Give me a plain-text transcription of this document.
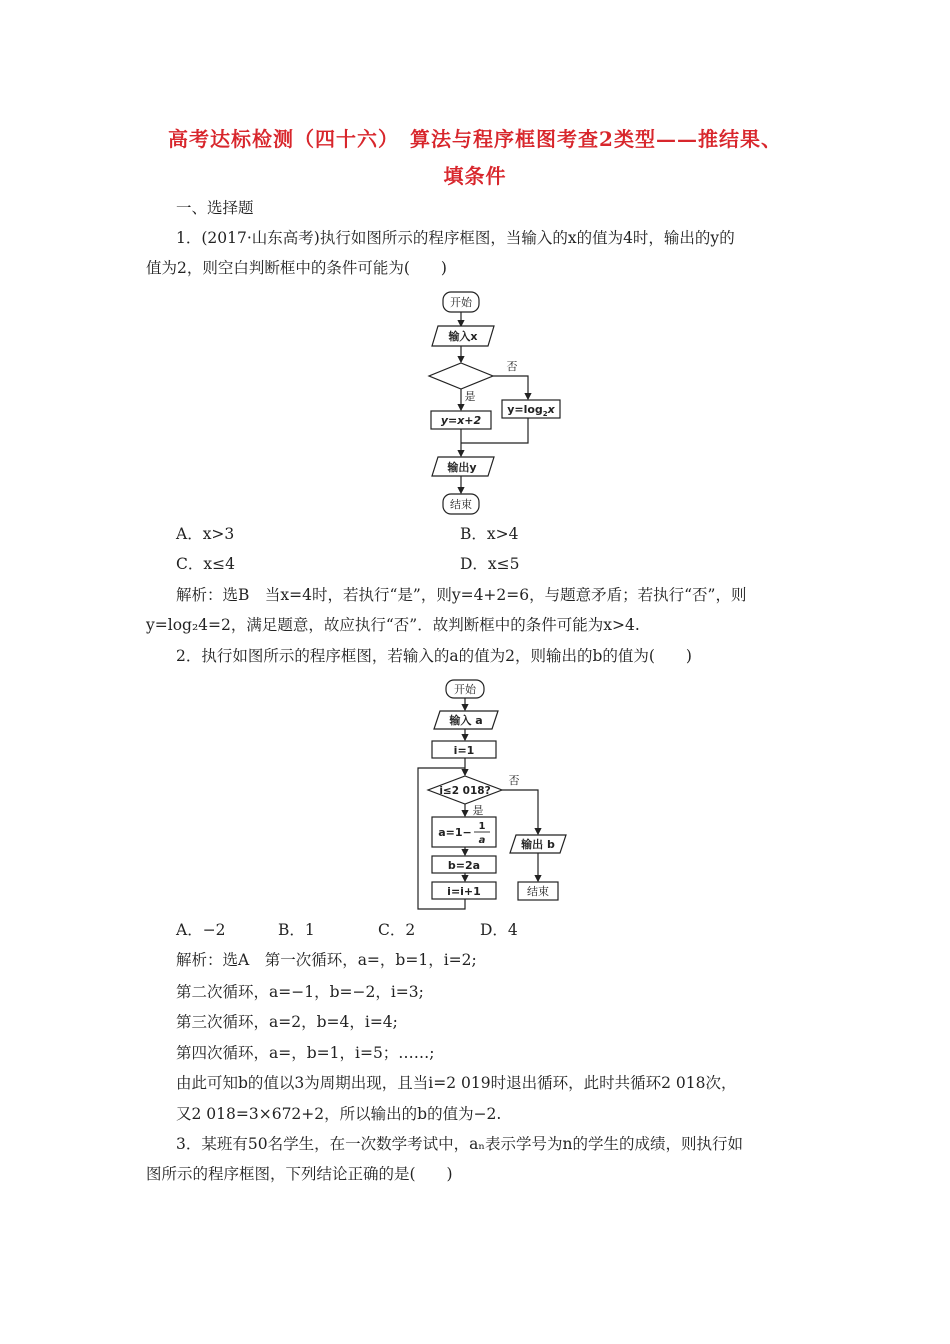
高考达标检测（四十六）　算法与程序框图考查2类型——推结果、
填条件
一、选择题
1．(2017·山东高考)执行如图所示的程序框图，当输入的x的值为4时，输出的y的
值为2，则空白判断框中的条件可能为(　　)
开始
输入x
否
是
y=x+2
$y=\log_2x$
输出y
结束
A．x>3	B．x>4
C．x≤4	D．x≤5
解析：选B　当x=4时，若执行“是”，则y=4+2=6，与题意矛盾；若执行“否”，则
y=log₂4=2，满足题意，故应执行“否”．故判断框中的条件可能为x>4.
2．执行如图所示的程序框图，若输入的a的值为2，则输出的b的值为(　　)
开始
输入 a
i=1
i≤2 018?
否
是
a=1− 1
a
b=2a
i=i+1
输出 b
结束
A．−2	B．1	C．2	D．4
解析：选A　第一次循环，a=，b=1，i=2;
第二次循环，a=−1，b=−2，i=3;
第三次循环，a=2，b=4，i=4;
第四次循环，a=，b=1，i=5；……;
由此可知b的值以3为周期出现，且当i=2 019时退出循环，此时共循环2 018次，
又2 018=3×672+2，所以输出的b的值为−2.
3．某班有50名学生，在一次数学考试中，aₙ表示学号为n的学生的成绩，则执行如
图所示的程序框图，下列结论正确的是(　　)
